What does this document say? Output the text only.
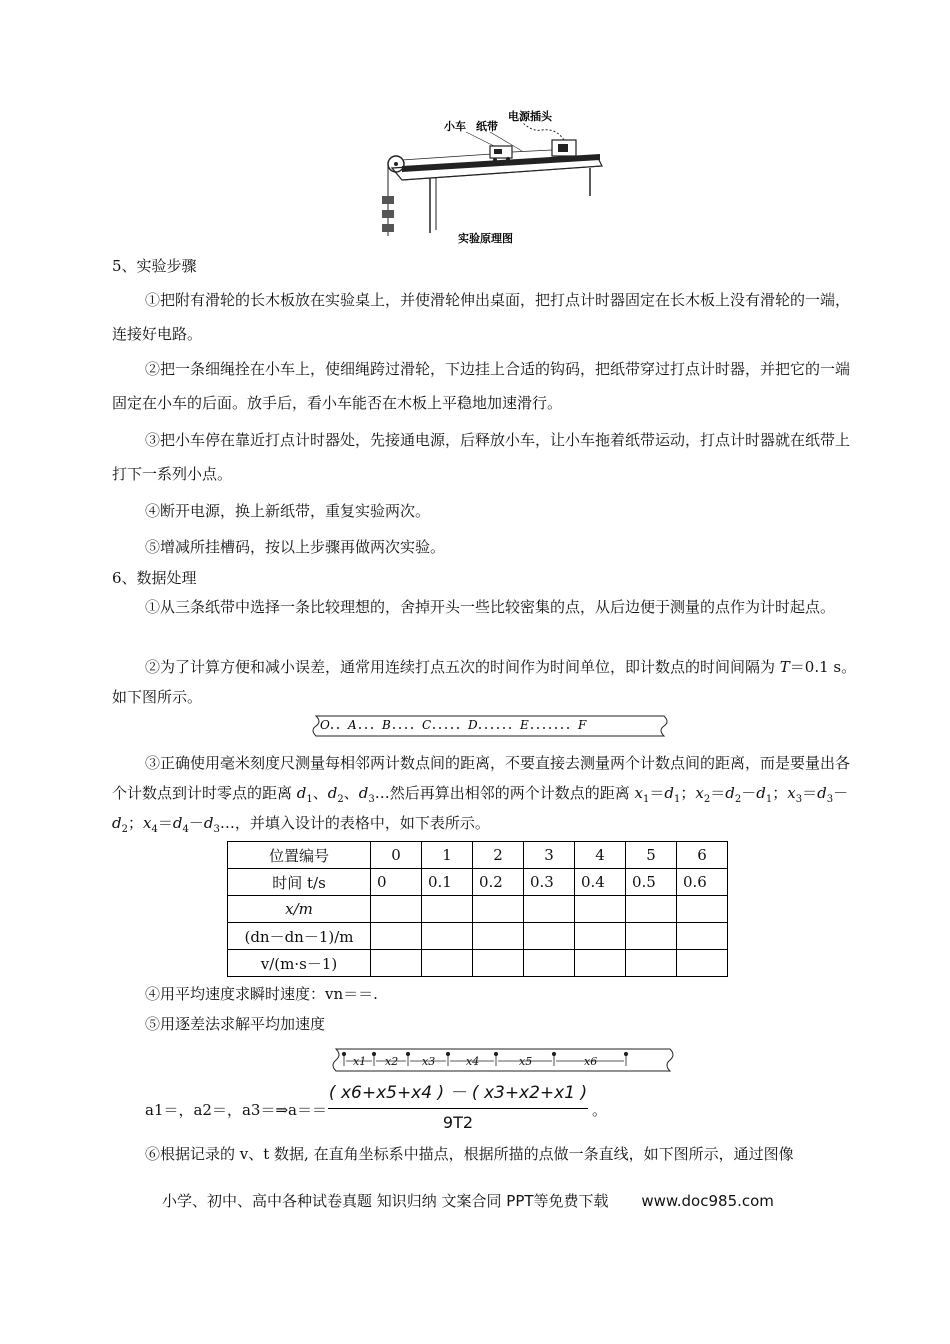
小车 纸带
电源插头
实验原理图
5、实验步骤
①把附有滑轮的长木板放在实验桌上，并使滑轮伸出桌面，把打点计时器固定在长木板上没有滑轮的一端，连接好电路。
②把一条细绳拴在小车上，使细绳跨过滑轮，下边挂上合适的钩码，把纸带穿过打点计时器，并把它的一端固定在小车的后面。放手后，看小车能否在木板上平稳地加速滑行。
③把小车停在靠近打点计时器处，先接通电源，后释放小车，让小车拖着纸带运动，打点计时器就在纸带上打下一系列小点。
④断开电源，换上新纸带，重复实验两次。
⑤增减所挂槽码，按以上步骤再做两次实验。
6、数据处理
①从三条纸带中选择一条比较理想的，舍掉开头一些比较密集的点，从后边便于测量的点作为计时起点。
②为了计算方便和减小误差，通常用连续打点五次的时间作为时间单位，即计数点的时间间隔为 T＝0.1 s。如下图所示。
O A B	C	D	E	F
③正确使用毫米刻度尺测量每相邻两计数点间的距离，不要直接去测量两个计数点间的距离，而是要量出各个计数点到计时零点的距离 $d_1$、$d_2$、$d_3\dots$然后再算出相邻的两个计数点的距离 $x_1=d_1$；$x_2=d_2-d_1$；$x_3=d_3-d_2$；$x_4=d_4-d_3\dots$，并填入设计的表格中，如下表所示。
位置编号	0	1	2	3	4	5	6
时间 t/s	0	0.1	0.2	0.3	0.4	0.5	0.6
x/m							
(dn－dn－1)/m							
v/(m·s－1)							
④用平均速度求瞬时速度：vn＝＝.
⑤用逐差法求解平均加速度
x1 x2 x3	x4	x5	x6
a1＝，a2＝，a3＝⇒a＝＝
( x6+x5+x4 ) － ( x3+x2+x1 )
9T2
。
⑥根据记录的 v、t 数据, 在直角坐标系中描点，根据所描的点做一条直线，如下图所示，通过图像
小学、初中、高中各种试卷真题 知识归纳 文案合同 PPT等免费下载 www.doc985.com
